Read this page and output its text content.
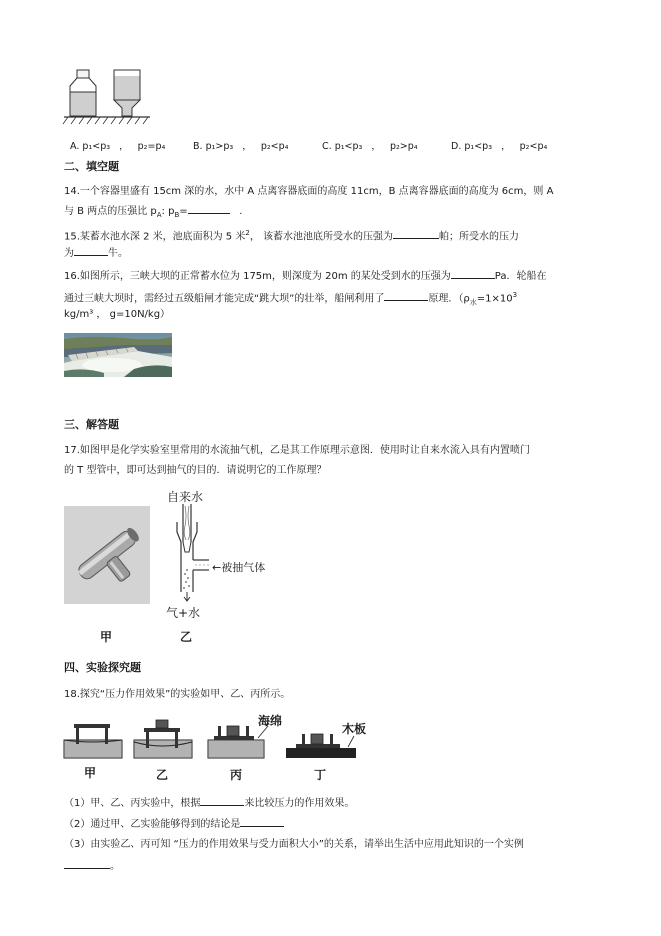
A. p₁<p₃   ，   p₂=p₄	B. p₁>p₃   ，   p₂<p₄	C. p₁<p₃   ，   p₂>p₄	D. p₁<p₃   ，   p₂<p₄
二、填空题
14.一个容器里盛有 15cm 深的水，水中 A 点离容器底面的高度 11cm，B 点离容器底面的高度为 6cm，则 A
与 B 两点的压强比 $p_A$: $p_B=$	.
15.某蓄水池水深 2 米，池底面积为 5 米$^2$， 该蓄水池池底所受水的压强为	帕；所受水的压力
为	牛。
16.如图所示，三峡大坝的正常蓄水位为 175m，则深度为 20m 的某处受到水的压强为	Pa．轮船在
通过三峡大坝时，需经过五级船闸才能完成“跳大坝”的壮举，船闸利用了	原理．（$\rho_水=1\times 10^3$
kg/m³ ， g=10N/kg）
三、解答题
17.如图甲是化学实验室里常用的水流抽气机，乙是其工作原理示意图．使用时让自来水流入具有内置喷门
的 T 型管中，即可达到抽气的目的．请说明它的工作原理？
甲
自来水
←被抽气体
气+水
乙
四、实验探究题
18.探究“压力作用效果”的实验如甲、乙、丙所示。
海绵
木板
甲	乙	丙	丁
（1）甲、乙、丙实验中，根据	来比较压力的作用效果。
（2）通过甲、乙实验能够得到的结论是
（3）由实验乙、丙可知 “压力的作用效果与受力面积大小”的关系，请举出生活中应用此知识的一个实例
。
